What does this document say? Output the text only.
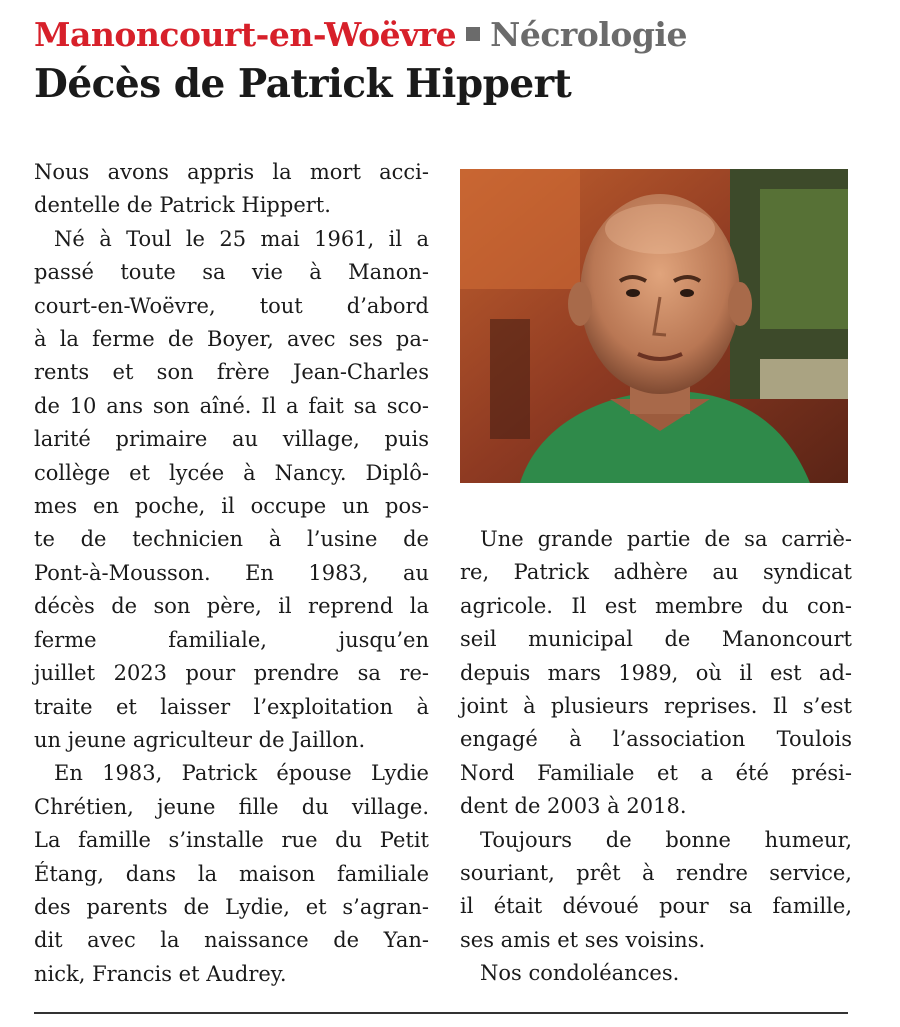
Manoncourt-en-Woëvre Nécrologie
Décès de Patrick Hippert

Nous avons appris la mort acci-
dentelle de Patrick Hippert.

Né à Toul le 25 mai 1961, il a
passé toute sa vie à Manon-
court-en-Woëvre, tout d’abord
à la ferme de Boyer, avec ses pa-
rents et son frère Jean-Charles
de 10 ans son aîné. Il a fait sa sco-
larité primaire au village, puis
collège et lycée à Nancy. Diplô-
mes en poche, il occupe un pos-
te de technicien à l’usine de
Pont-à-Mousson. En 1983, au
décès de son père, il reprend la
ferme familiale, jusqu’en
juillet 2023 pour prendre sa re-
traite et laisser l’exploitation à
un jeune agriculteur de Jaillon.

En 1983, Patrick épouse Lydie
Chrétien, jeune fille du village.
La famille s’installe rue du Petit
Étang, dans la maison familiale
des parents de Lydie, et s’agran-
dit avec la naissance de Yan-
nick, Francis et Audrey.

Une grande partie de sa carriè-
re, Patrick adhère au syndicat
agricole. Il est membre du con-
seil municipal de Manoncourt
depuis mars 1989, où il est ad-
joint à plusieurs reprises. Il s’est
engagé à l’association Toulois
Nord Familiale et a été prési-
dent de 2003 à 2018.

Toujours de bonne humeur,
souriant, prêt à rendre service,
il était dévoué pour sa famille,
ses amis et ses voisins.

Nos condoléances.
